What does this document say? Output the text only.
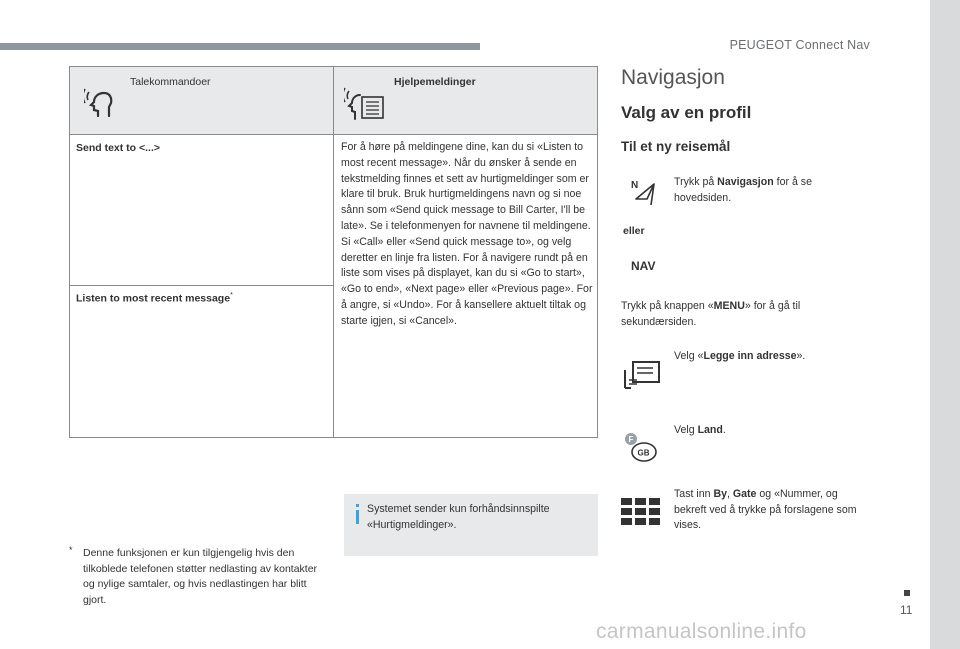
PEUGEOT Connect Nav
Talekommandoer	Hjelpemeldinger
Send text to <...>
Listen to most recent message*
For å høre på meldingene dine, kan du si «Listen to most recent message». Når du ønsker å sende en tekstmelding finnes et sett av hurtigmeldinger som er klare til bruk. Bruk hurtigmeldingens navn og si noe sånn som «Send quick message to Bill Carter, I'll be late». Se i telefonmenyen for navnene til meldingene. Si «Call» eller «Send quick message to», og velg deretter en linje fra listen. For å navigere rundt på en liste som vises på displayet, kan du si «Go to start», «Go to end», «Next page» eller «Previous page». For å angre, si «Undo». For å kansellere aktuelt tiltak og starte igjen, si «Cancel».
* Denne funksjonen er kun tilgjengelig hvis den tilkoblede telefonen støtter nedlasting av kontakter og nylige samtaler, og hvis nedlastingen har blitt gjort.
Systemet sender kun forhåndsinnspilte «Hurtigmeldinger».
Navigasjon
Valg av en profil
Til et ny reisemål
N	Trykk på Navigasjon for å se hovedsiden.
eller
NAV
Trykk på knappen «MENU» for å gå til sekundærsiden.
Velg «Legge inn adresse».
F
GB
Velg Land.
Tast inn By, Gate og «Nummer, og bekreft ved å trykke på forslagene som vises.
11
carmanualsonline.info
